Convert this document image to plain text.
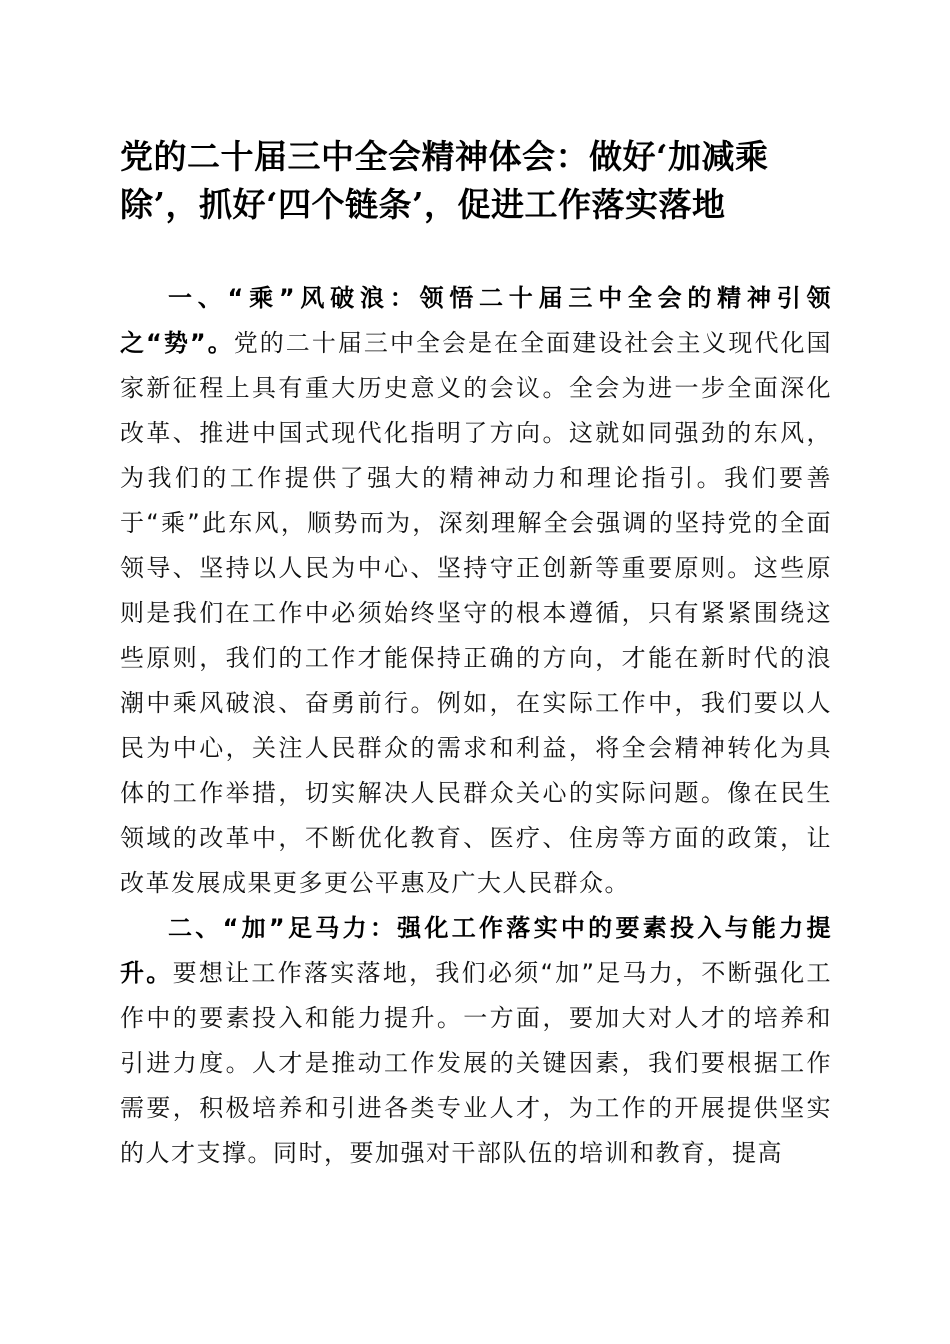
党的二十届三中全会精神体会：做好‘加减乘除’，抓好‘四个链条’，促进工作落实落地

一、“乘”风破浪：领悟二十届三中全会的精神引领之“势”。党的二十届三中全会是在全面建设社会主义现代化国家新征程上具有重大历史意义的会议。全会为进一步全面深化改革、推进中国式现代化指明了方向。这就如同强劲的东风，为我们的工作提供了强大的精神动力和理论指引。我们要善于“乘”此东风，顺势而为，深刻理解全会强调的坚持党的全面领导、坚持以人民为中心、坚持守正创新等重要原则。这些原则是我们在工作中必须始终坚守的根本遵循，只有紧紧围绕这些原则，我们的工作才能保持正确的方向，才能在新时代的浪潮中乘风破浪、奋勇前行。例如，在实际工作中，我们要以人民为中心，关注人民群众的需求和利益，将全会精神转化为具体的工作举措，切实解决人民群众关心的实际问题。像在民生领域的改革中，不断优化教育、医疗、住房等方面的政策，让改革发展成果更多更公平惠及广大人民群众。

二、“加”足马力：强化工作落实中的要素投入与能力提升。要想让工作落实落地，我们必须“加”足马力，不断强化工作中的要素投入和能力提升。一方面，要加大对人才的培养和引进力度。人才是推动工作发展的关键因素，我们要根据工作需要，积极培养和引进各类专业人才，为工作的开展提供坚实的人才支撑。同时，要加强对干部队伍的培训和教育，提高
